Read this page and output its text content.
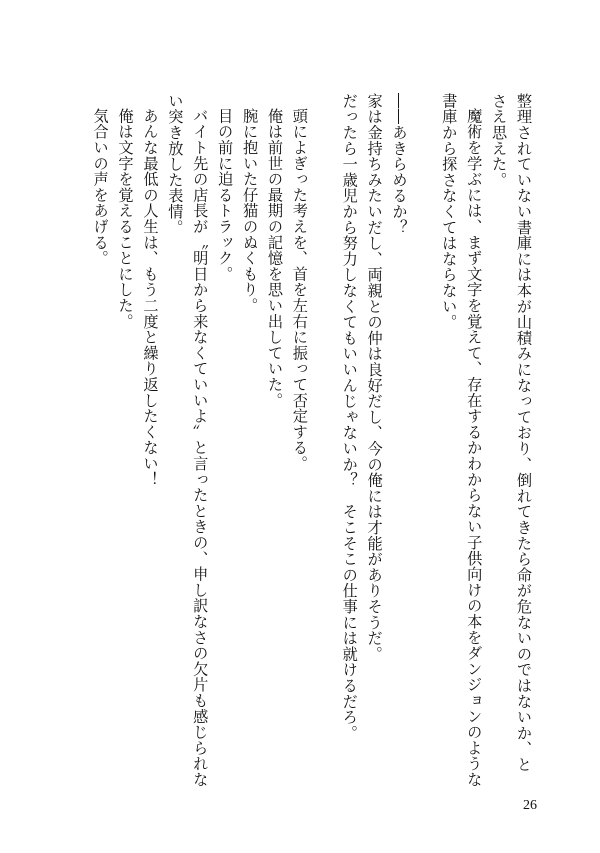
整理されていない書庫には本が山積みになっており、倒れてきたら命が危ないのではないか、と
さえ思えた。
魔術を学ぶには、まず文字を覚えて、存在するかわからない子供向けの本をダンジョンのような
書庫から探さなくてはならない。
――あきらめるか？
家は金持ちみたいだし、両親との仲は良好だし、今の俺には才能がありそうだ。
だったら一歳児から努力しなくてもいいんじゃないか？　そこそこの仕事には就けるだろ。
頭によぎった考えを、首を左右に振って否定する。
俺は前世の最期の記憶を思い出していた。
腕に抱いた仔猫のぬくもり。
目の前に迫るトラック。
バイト先の店長が〝明日から来なくていいよ〟と言ったときの、申し訳なさの欠片も感じられな
い突き放した表情。
あんな最低の人生は、もう二度と繰り返したくない！
俺は文字を覚えることにした。
気合いの声をあげる。
26
